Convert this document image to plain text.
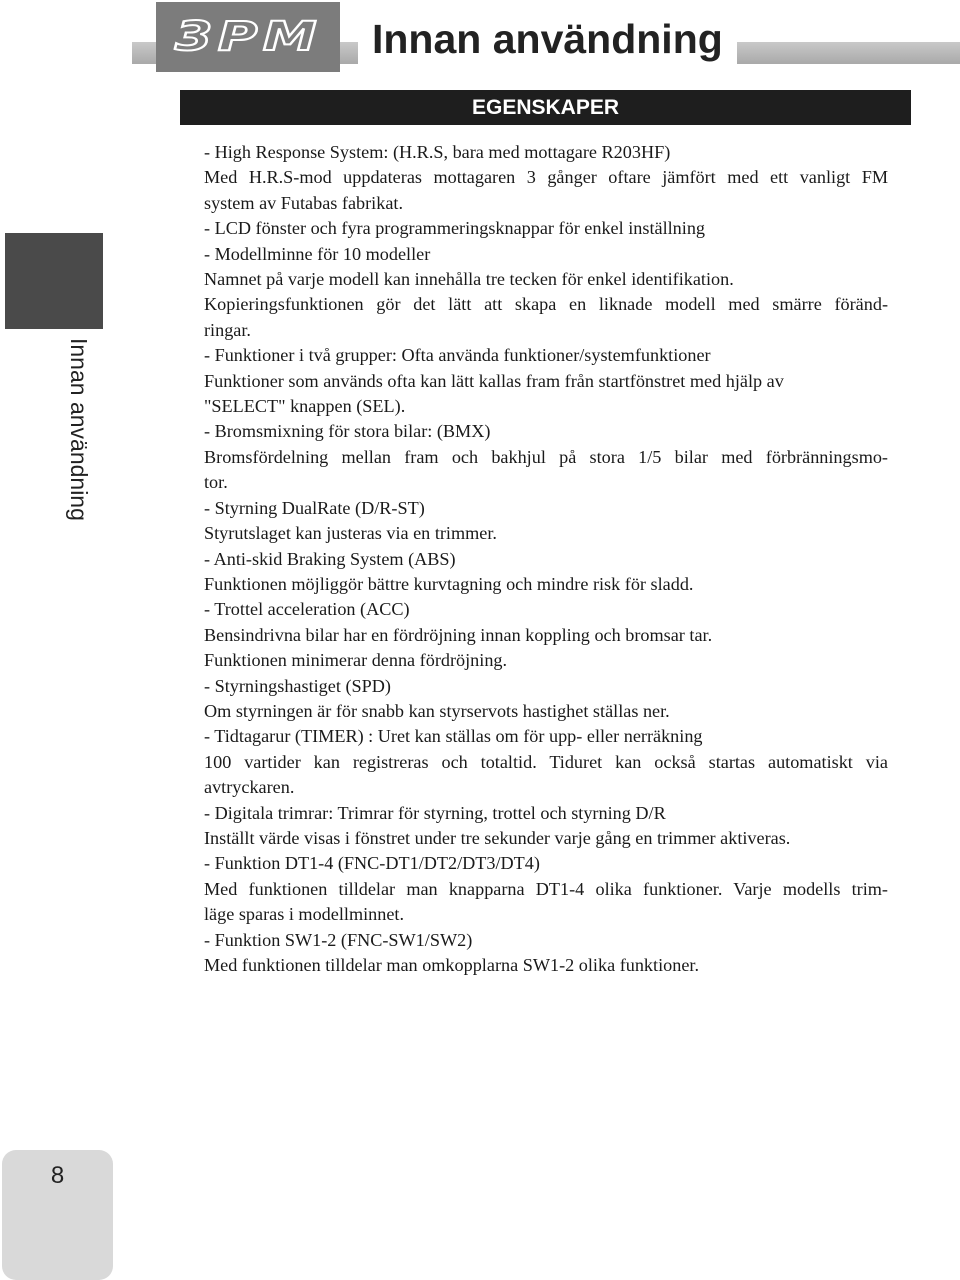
3PM	Innan användning
EGENSKAPER
Innan användning
- High Response System: (H.R.S, bara med mottagare R203HF)
Med H.R.S-mod uppdateras mottagaren 3 gånger oftare jämfört med ett vanligt FM
system av Futabas fabrikat.
- LCD fönster och fyra programmeringsknappar för enkel inställning
- Modellminne för 10 modeller
Namnet på varje modell kan innehålla tre tecken för enkel identifikation.
Kopieringsfunktionen gör det lätt att skapa en liknade modell med smärre föränd-
ringar.
- Funktioner i två grupper: Ofta använda funktioner/systemfunktioner
Funktioner som används ofta kan lätt kallas fram från startfönstret med hjälp av
"SELECT" knappen (SEL).
- Bromsmixning för stora bilar: (BMX)
Bromsfördelning mellan fram och bakhjul på stora 1/5 bilar med förbränningsmo-
tor.
- Styrning DualRate (D/R-ST)
Styrutslaget kan justeras via en trimmer.
- Anti-skid Braking System (ABS)
Funktionen möjliggör bättre kurvtagning och mindre risk för sladd.
- Trottel acceleration (ACC)
Bensindrivna bilar har en fördröjning innan koppling och bromsar tar.
Funktionen minimerar denna fördröjning.
- Styrningshastiget (SPD)
Om styrningen är för snabb kan styrservots hastighet ställas ner.
- Tidtagarur (TIMER) : Uret kan ställas om för upp- eller nerräkning
100 vartider kan registreras och totaltid. Tiduret kan också startas automatiskt via
avtryckaren.
- Digitala trimrar: Trimrar för styrning, trottel och styrning D/R
Inställt värde visas i fönstret under tre sekunder varje gång en trimmer aktiveras.
- Funktion DT1-4 (FNC-DT1/DT2/DT3/DT4)
Med funktionen tilldelar man knapparna DT1-4 olika funktioner. Varje modells trim-
läge sparas i modellminnet.
- Funktion SW1-2 (FNC-SW1/SW2)
Med funktionen tilldelar man omkopplarna SW1-2 olika funktioner.
8
